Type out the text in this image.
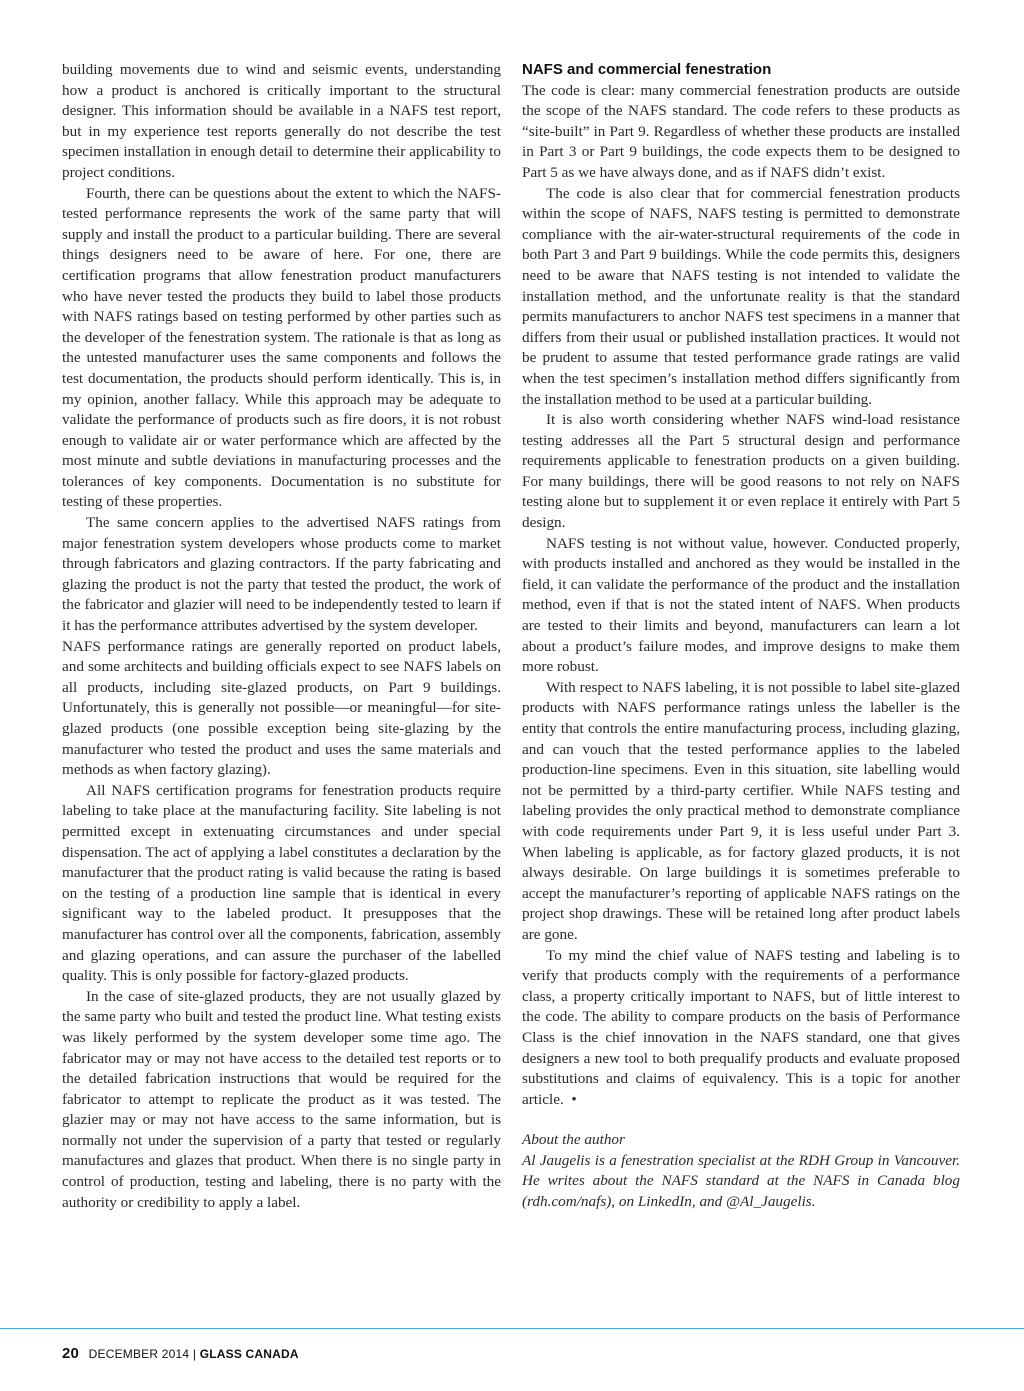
building movements due to wind and seismic events, understanding how a product is anchored is critically important to the structural designer. This information should be available in a NAFS test report, but in my experience test reports generally do not describe the test specimen installation in enough detail to determine their applicability to project conditions.

Fourth, there can be questions about the extent to which the NAFS-tested performance represents the work of the same party that will supply and install the product to a particular building. There are several things designers need to be aware of here. For one, there are certification programs that allow fenestration product manufacturers who have never tested the products they build to label those products with NAFS ratings based on testing performed by other parties such as the developer of the fenestration system. The rationale is that as long as the untested manufacturer uses the same components and follows the test documentation, the products should perform identically. This is, in my opinion, another fallacy. While this approach may be adequate to validate the performance of products such as fire doors, it is not robust enough to validate air or water performance which are affected by the most minute and subtle deviations in manufacturing processes and the tolerances of key components. Documentation is no substitute for testing of these properties.

The same concern applies to the advertised NAFS ratings from major fenestration system developers whose products come to market through fabricators and glazing contractors. If the party fabricating and glazing the product is not the party that tested the product, the work of the fabricator and glazier will need to be independently tested to learn if it has the performance attributes advertised by the system developer.

NAFS performance ratings are generally reported on product labels, and some architects and building officials expect to see NAFS labels on all products, including site-glazed products, on Part 9 buildings. Unfortunately, this is generally not possible—or meaningful—for site-glazed products (one possible exception being site-glazing by the manufacturer who tested the product and uses the same materials and methods as when factory glazing).

All NAFS certification programs for fenestration products require labeling to take place at the manufacturing facility. Site labeling is not permitted except in extenuating circumstances and under special dispensation. The act of applying a label constitutes a declaration by the manufacturer that the product rating is valid because the rating is based on the testing of a production line sample that is identical in every significant way to the labeled product. It presupposes that the manufacturer has control over all the components, fabrication, assembly and glazing operations, and can assure the purchaser of the labelled quality. This is only possible for factory-glazed products.

In the case of site-glazed products, they are not usually glazed by the same party who built and tested the product line. What testing exists was likely performed by the system developer some time ago. The fabricator may or may not have access to the detailed test reports or to the detailed fabrication instructions that would be required for the fabricator to attempt to replicate the product as it was tested. The glazier may or may not have access to the same information, but is normally not under the supervision of a party that tested or regularly manufactures and glazes that product. When there is no single party in control of production, testing and labeling, there is no party with the authority or credibility to apply a label.

NAFS and commercial fenestration

The code is clear: many commercial fenestration products are outside the scope of the NAFS standard. The code refers to these products as “site-built” in Part 9. Regardless of whether these products are installed in Part 3 or Part 9 buildings, the code expects them to be designed to Part 5 as we have always done, and as if NAFS didn’t exist.

The code is also clear that for commercial fenestration products within the scope of NAFS, NAFS testing is permitted to demonstrate compliance with the air-water-structural requirements of the code in both Part 3 and Part 9 buildings. While the code permits this, designers need to be aware that NAFS testing is not intended to validate the installation method, and the unfortunate reality is that the standard permits manufacturers to anchor NAFS test specimens in a manner that differs from their usual or published installation practices. It would not be prudent to assume that tested performance grade ratings are valid when the test specimen’s installation method differs significantly from the installation method to be used at a particular building.

It is also worth considering whether NAFS wind-load resistance testing addresses all the Part 5 structural design and performance requirements applicable to fenestration products on a given building. For many buildings, there will be good reasons to not rely on NAFS testing alone but to supplement it or even replace it entirely with Part 5 design.

NAFS testing is not without value, however. Conducted properly, with products installed and anchored as they would be installed in the field, it can validate the performance of the product and the installation method, even if that is not the stated intent of NAFS. When products are tested to their limits and beyond, manufacturers can learn a lot about a product’s failure modes, and improve designs to make them more robust.

With respect to NAFS labeling, it is not possible to label site-glazed products with NAFS performance ratings unless the labeller is the entity that controls the entire manufacturing process, including glazing, and can vouch that the tested performance applies to the labeled production-line specimens. Even in this situation, site labelling would not be permitted by a third-party certifier. While NAFS testing and labeling provides the only practical method to demonstrate compliance with code requirements under Part 9, it is less useful under Part 3. When labeling is applicable, as for factory glazed products, it is not always desirable. On large buildings it is sometimes preferable to accept the manufacturer’s reporting of applicable NAFS ratings on the project shop drawings. These will be retained long after product labels are gone.

To my mind the chief value of NAFS testing and labeling is to verify that products comply with the requirements of a performance class, a property critically important to NAFS, but of little interest to the code. The ability to compare products on the basis of Performance Class is the chief innovation in the NAFS standard, one that gives designers a new tool to both prequalify products and evaluate proposed substitutions and claims of equivalency. This is a topic for another article. •

About the author

Al Jaugelis is a fenestration specialist at the RDH Group in Vancouver. He writes about the NAFS standard at the NAFS in Canada blog (rdh.com/nafs), on LinkedIn, and @Al_Jaugelis.

20 DECEMBER 2014 | GLASS CANADA
